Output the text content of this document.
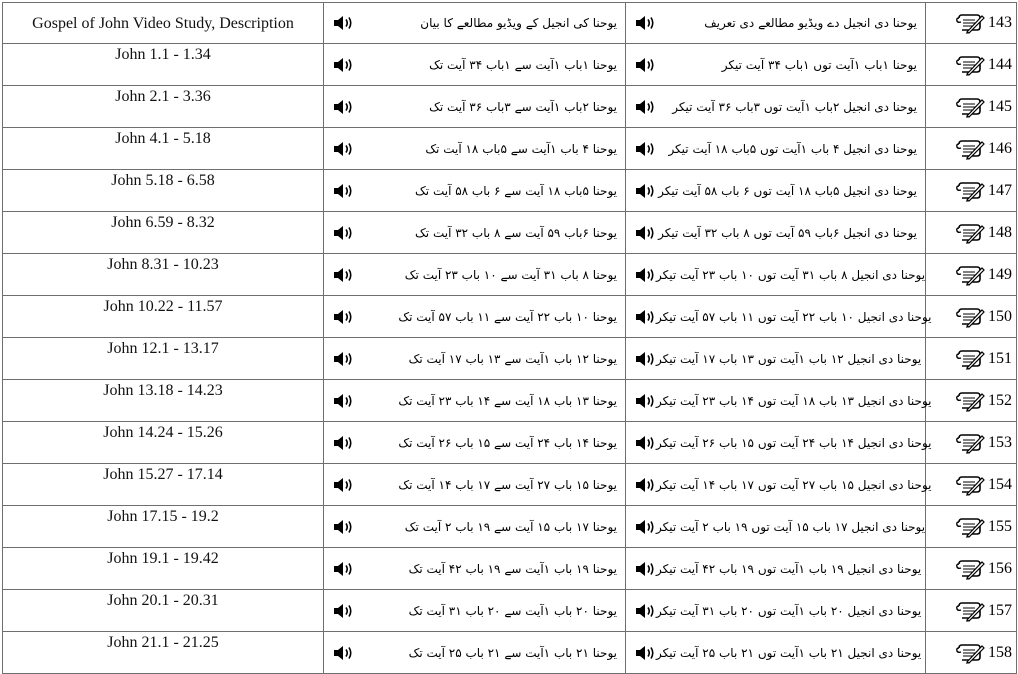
Gospel of John Video Study, Description	یوحنا کی انجیل کے ویڈیو مطالعے کا بیان	یوحنا دی انجیل دے ویڈیو مطالعے دی تعریف	143

John 1.1 - 1.34	یوحنا ۱باب ۱آیت سے ۱باب ۳۴ آیت تک	یوحنا ۱باب ۱آیت توں ۱باب ۳۴ آیت تیکر	144

John 2.1 - 3.36	یوحنا ۲باب ۱آیت سے ۳باب ۳۶ آیت تک	یوحنا دی انجیل ۲باب ۱آیت توں ۳باب ۳۶ آیت تیکر	145

John 4.1 - 5.18	یوحنا ۴ باب ۱آیت سے ۵باب ۱۸ آیت تک	یوحنا دی انجیل ۴ باب ۱آیت توں ۵باب ۱۸ آیت تیکر	146

John 5.18 - 6.58	یوحنا ۵باب ۱۸ آیت سے ۶ باب ۵۸ آیت تک	یوحنا دی انجیل ۵باب ۱۸ آیت توں ۶ باب ۵۸ آیت تیکر	147

John 6.59 - 8.32	یوحنا ۶باب ۵۹ آیت سے ۸ باب ۳۲ آیت تک	یوحنا دی انجیل ۶باب ۵۹ آیت توں ۸ باب ۳۲ آیت تیکر	148

John 8.31 - 10.23	یوحنا ۸ باب ۳۱ آیت سے ۱۰ باب ۲۳ آیت تک	یوحنا دی انجیل ۸ باب ۳۱ آیت توں ۱۰ باب ۲۳ آیت تیکر	149

John 10.22 - 11.57	یوحنا ۱۰ باب ۲۲ آیت سے ۱۱ باب ۵۷ آیت تک	یوحنا دی انجیل ۱۰ باب ۲۲ آیت توں ۱۱ باب ۵۷ آیت تیکر	150

John 12.1 - 13.17	یوحنا ۱۲ باب ۱آیت سے ۱۳ باب ۱۷ آیت تک	یوحنا دی انجیل ۱۲ باب ۱آیت توں ۱۳ باب ۱۷ آیت تیکر	151

John 13.18 - 14.23	یوحنا ۱۳ باب ۱۸ آیت سے ۱۴ باب ۲۳ آیت تک	یوحنا دی انجیل ۱۳ باب ۱۸ آیت توں ۱۴ باب ۲۳ آیت تیکر	152

John 14.24 - 15.26	یوحنا ۱۴ باب ۲۴ آیت سے ۱۵ باب ۲۶ آیت تک	یوحنا دی انجیل ۱۴ باب ۲۴ آیت توں ۱۵ باب ۲۶ آیت تیکر	153

John 15.27 - 17.14	یوحنا ۱۵ باب ۲۷ آیت سے ۱۷ باب ۱۴ آیت تک	یوحنا دی انجیل ۱۵ باب ۲۷ آیت توں ۱۷ باب ۱۴ آیت تیکر	154

John 17.15 - 19.2	یوحنا ۱۷ باب ۱۵ آیت سے ۱۹ باب ۲ آیت تک	یوحنا دی انجیل ۱۷ باب ۱۵ آیت توں ۱۹ باب ۲ آیت تیکر	155

John 19.1 - 19.42	یوحنا ۱۹ باب ۱آیت سے ۱۹ باب ۴۲ آیت تک	یوحنا دی انجیل ۱۹ باب ۱آیت توں ۱۹ باب ۴۲ آیت تیکر	156

John 20.1 - 20.31	یوحنا ۲۰ باب ۱آیت سے ۲۰ باب ۳۱ آیت تک	یوحنا دی انجیل ۲۰ باب ۱آیت توں ۲۰ باب ۳۱ آیت تیکر	157

John 21.1 - 21.25	یوحنا ۲۱ باب ۱آیت سے ۲۱ باب ۲۵ آیت تک	یوحنا دی انجیل ۲۱ باب ۱آیت توں ۲۱ باب ۲۵ آیت تیکر	158
